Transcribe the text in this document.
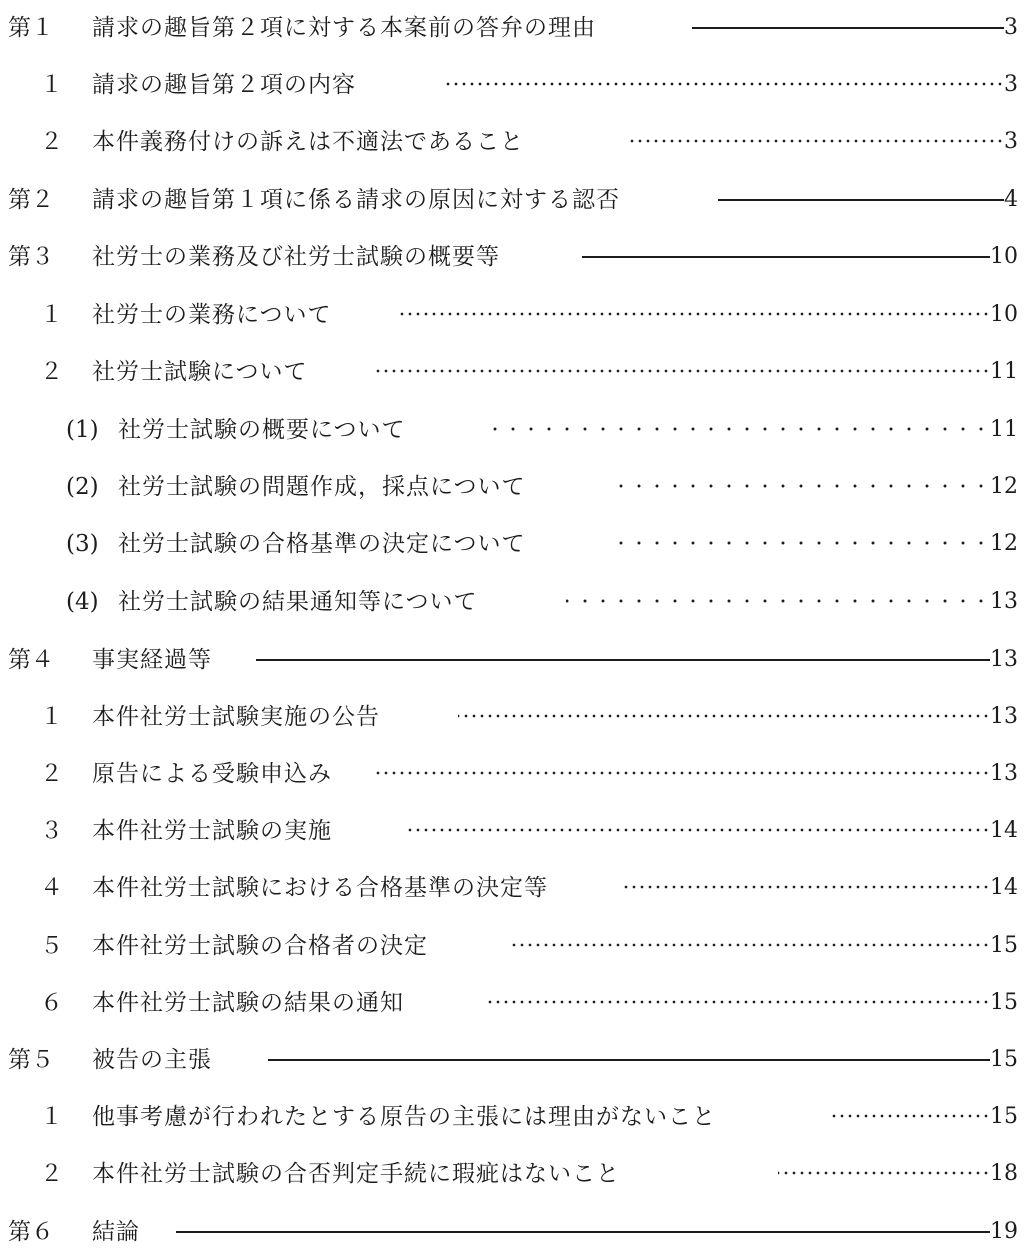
第１ 請求の趣旨第２項に対する本案前の答弁の理由	3
１ 請求の趣旨第２項の内容	3
２ 本件義務付けの訴えは不適法であること	3
第２ 請求の趣旨第１項に係る請求の原因に対する認否	4
第３ 社労士の業務及び社労士試験の概要等	10
１ 社労士の業務について	10
２ 社労士試験について	11
(1) 社労士試験の概要について	11
(2) 社労士試験の問題作成，採点について	12
(3) 社労士試験の合格基準の決定について	12
(4) 社労士試験の結果通知等について	13
第４ 事実経過等	13
１ 本件社労士試験実施の公告	13
２ 原告による受験申込み	13
３ 本件社労士試験の実施	14
４ 本件社労士試験における合格基準の決定等	14
５ 本件社労士試験の合格者の決定	15
６ 本件社労士試験の結果の通知	15
第５ 被告の主張	15
１ 他事考慮が行われたとする原告の主張には理由がないこと	15
２ 本件社労士試験の合否判定手続に瑕疵はないこと	18
第６ 結論	19
